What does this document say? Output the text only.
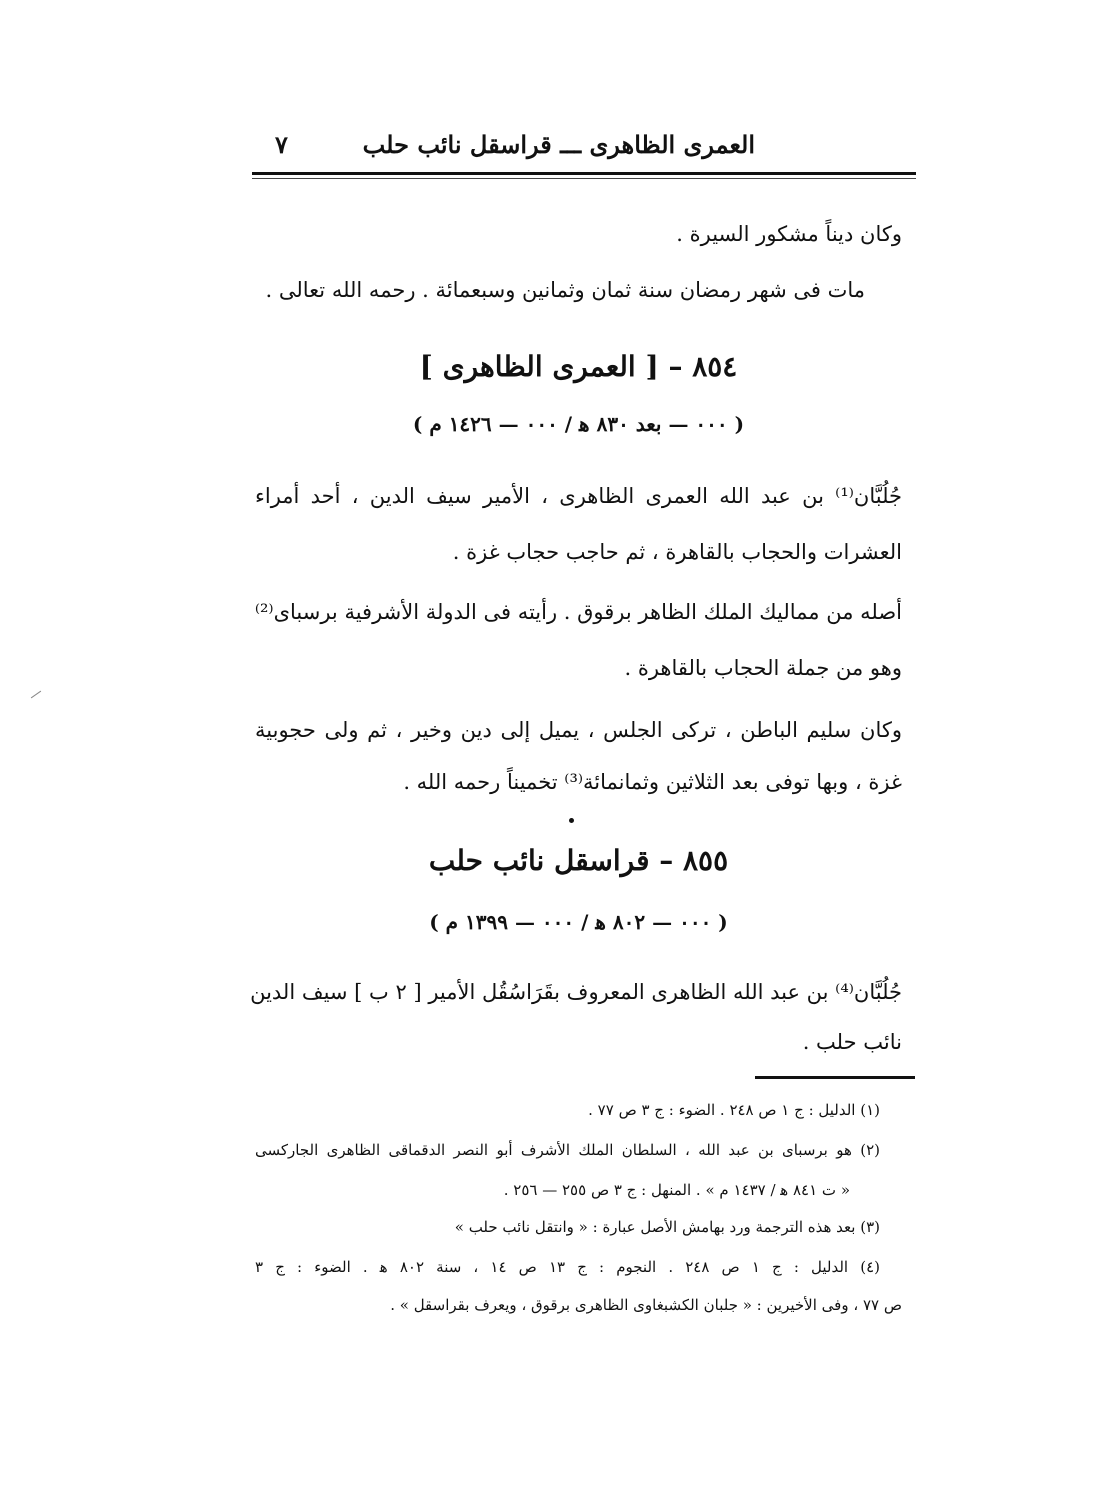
العمرى الظاهرى ـــ قراسقل نائب حلب
٧
وكان ديناً مشكور السيرة .
مات فى شهر رمضان سنة ثمان وثمانين وسبعمائة . رحمه الله تعالى .
٨٥٤ – [ العمرى الظاهرى ]
( ٠٠٠ — بعد ٨٣٠ ﻫ / ٠٠٠ — ١٤٢٦ م )
جُلُبَّان⁽¹⁾ بن عبد الله العمرى الظاهرى ، الأمير سيف الدين ، أحد أمراء
العشرات والحجاب بالقاهرة ، ثم حاجب حجاب غزة .
أصله من مماليك الملك الظاهر برقوق . رأيته فى الدولة الأشرفية برسباى⁽²⁾
وهو من جملة الحجاب بالقاهرة .
وكان سليم الباطن ، تركى الجلس ، يميل إلى دين وخير ، ثم ولى حجوبية
غزة ، وبها توفى بعد الثلاثين وثمانمائة⁽³⁾ تخميناً رحمه الله .
٨٥٥ – قراسقل نائب حلب
( ٠٠٠ — ٨٠٢ ﻫ / ٠٠٠ — ١٣٩٩ م )
جُلُبَّان⁽⁴⁾ بن عبد الله الظاهرى المعروف بقَرَاسُقُل الأمير [ ٢ ب ] سيف الدين
نائب حلب .
(١) الدليل : ج ١ ص ٢٤٨ . الضوء : ج ٣ ص ٧٧ .
(٢) هو برسباى بن عبد الله ، السلطان الملك الأشرف أبو النصر الدقماقى الظاهرى الجاركسى
« ت ٨٤١ ﻫ / ١٤٣٧ م » . المنهل : ج ٣ ص ٢٥٥ — ٢٥٦ .
(٣) بعد هذه الترجمة ورد بهامش الأصل عبارة : « وانتقل نائب حلب »
(٤) الدليل : ج ١ ص ٢٤٨ . النجوم : ج ١٣ ص ١٤ ، سنة ٨٠٢ ﻫ . الضوء : ج ٣
ص ٧٧ ، وفى الأخيرين : « جلبان الكشبغاوى الظاهرى برقوق ، ويعرف بقراسقل » .
